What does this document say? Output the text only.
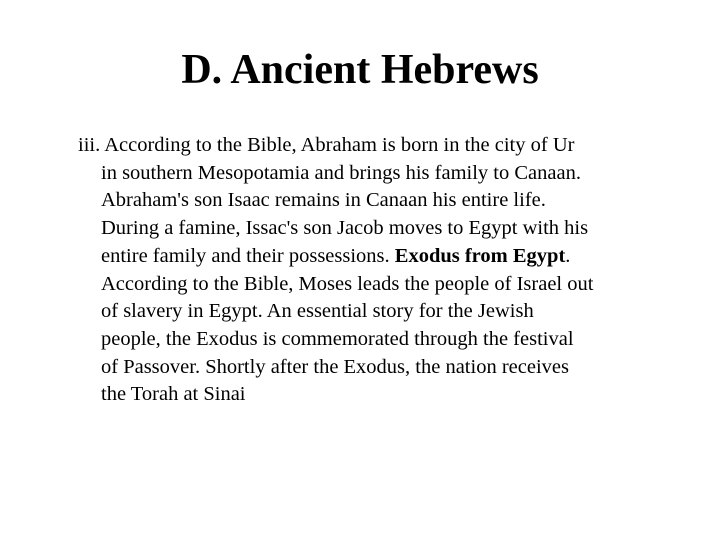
D. Ancient Hebrews
iii. According to the Bible, Abraham is born in the city of Ur
in southern Mesopotamia and brings his family to Canaan.
Abraham's son Isaac remains in Canaan his entire life.
During a famine, Issac's son Jacob moves to Egypt with his
entire family and their possessions. Exodus from Egypt.
According to the Bible, Moses leads the people of Israel out
of slavery in Egypt. An essential story for the Jewish
people, the Exodus is commemorated through the festival
of Passover. Shortly after the Exodus, the nation receives
the Torah at Sinai
